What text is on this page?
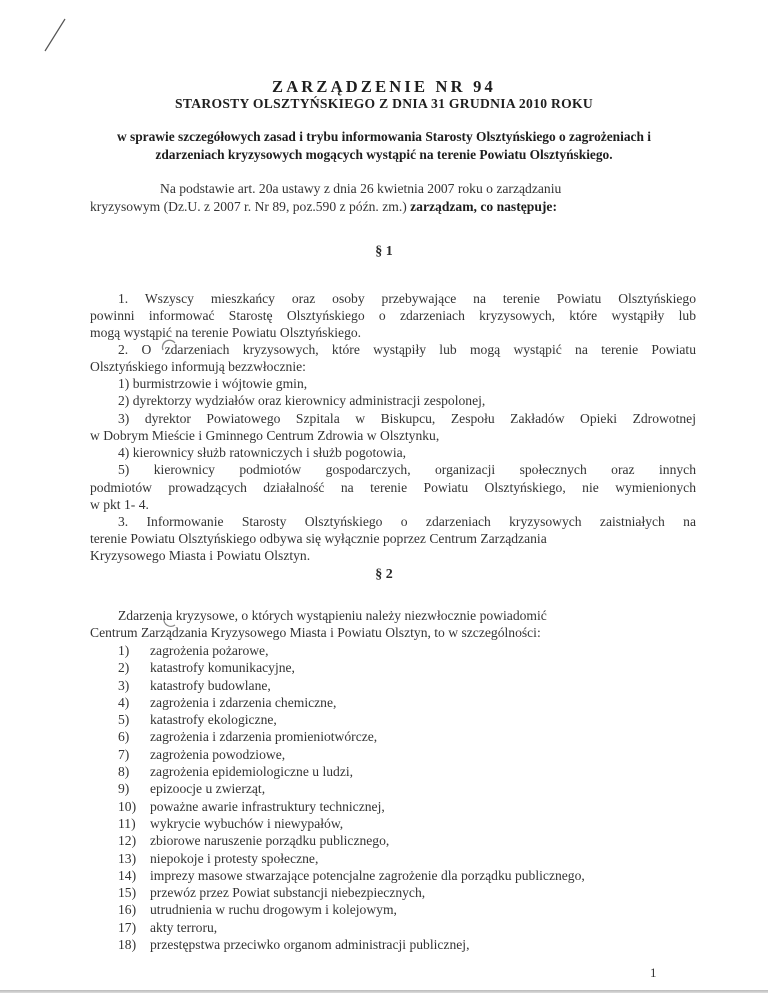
ZARZĄDZENIE NR 94
STAROSTY OLSZTYŃSKIEGO Z DNIA 31 GRUDNIA 2010 ROKU
w sprawie szczegółowych zasad i trybu informowania Starosty Olsztyńskiego o zagrożeniach i zdarzeniach kryzysowych mogących wystąpić na terenie Powiatu Olsztyńskiego.
Na podstawie art. 20a ustawy z dnia 26 kwietnia 2007 roku o zarządzaniu
kryzysowym (Dz.U. z 2007 r. Nr 89, poz.590 z późn. zm.) zarządzam, co następuje:
§ 1
1. Wszyscy mieszkańcy oraz osoby przebywające na terenie Powiatu Olsztyńskiego
powinni informować Starostę Olsztyńskiego o zdarzeniach kryzysowych, które wystąpiły lub
mogą wystąpić na terenie Powiatu Olsztyńskiego.
2. O zdarzeniach kryzysowych, które wystąpiły lub mogą wystąpić na terenie Powiatu
Olsztyńskiego informują bezzwłocznie:
1) burmistrzowie i wójtowie gmin,
2) dyrektorzy wydziałów oraz kierownicy administracji zespolonej,
3) dyrektor Powiatowego Szpitala w Biskupcu, Zespołu Zakładów Opieki Zdrowotnej
w Dobrym Mieście i Gminnego Centrum Zdrowia w Olsztynku,
4) kierownicy służb ratowniczych i służb pogotowia,
5) kierownicy podmiotów gospodarczych, organizacji społecznych oraz innych
podmiotów prowadzących działalność na terenie Powiatu Olsztyńskiego, nie wymienionych
w pkt 1- 4.
3. Informowanie Starosty Olsztyńskiego o zdarzeniach kryzysowych zaistniałych na
terenie Powiatu Olsztyńskiego odbywa się wyłącznie poprzez Centrum Zarządzania
Kryzysowego Miasta i Powiatu Olsztyn.
§ 2
Zdarzenia kryzysowe, o których wystąpieniu należy niezwłocznie powiadomić
Centrum Zarządzania Kryzysowego Miasta i Powiatu Olsztyn, to w szczególności:
1) zagrożenia pożarowe,
2) katastrofy komunikacyjne,
3) katastrofy budowlane,
4) zagrożenia i zdarzenia chemiczne,
5) katastrofy ekologiczne,
6) zagrożenia i zdarzenia promieniotwórcze,
7) zagrożenia powodziowe,
8) zagrożenia epidemiologiczne u ludzi,
9) epizoocje u zwierząt,
10) poważne awarie infrastruktury technicznej,
11) wykrycie wybuchów i niewypałów,
12) zbiorowe naruszenie porządku publicznego,
13) niepokoje i protesty społeczne,
14) imprezy masowe stwarzające potencjalne zagrożenie dla porządku publicznego,
15) przewóz przez Powiat substancji niebezpiecznych,
16) utrudnienia w ruchu drogowym i kolejowym,
17) akty terroru,
18) przestępstwa przeciwko organom administracji publicznej,
1
